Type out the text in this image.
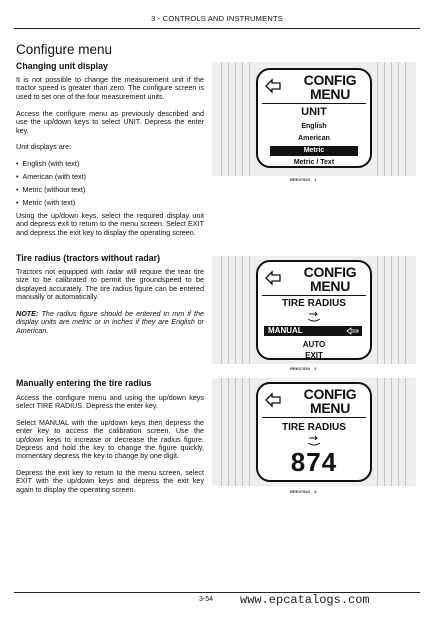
3 - CONTROLS AND INSTRUMENTS
Configure menu
Changing unit display
It is not possible to change the measurement unit if the tractor speed is greater than zero. The configure screen is used to set one of the four measurement units.
Access the configure menu as previously described and use the up/down keys to select UNIT. Depress the enter key.
Unit displays are:
•  English (with text)
•  American (with text)
•  Metric (without text)
•  Metric (with text)
Using the up/down keys, select the required display unit and depress exit to return to the menu screen. Select EXIT and depress the exit key to display the operating screen.
Tire radius (tractors without radar)
Tractors not equipped with radar will require the rear tire size to be calibrated to permit the groundspeed to be displayed accurately. The tire radius figure can be entered manually or automatically.
NOTE: The radius figure should be entered in mm if the display units are metric or in inches if they are English or American.
Manually entering the tire radius
Access the configure menu and using the up/down keys select TIRE RADIUS. Depress the enter key.
Select MANUAL with the up/down keys then depress the enter key to access the calibration screen. Use the up/down keys to increase or decrease the radius figure. Depress and hold the key to change the figure quickly, momentary depress the key to change by one digit.
Depress the exit key to return to the menu screen, select EXIT with the up/down keys and depress the exit key again to display the operating screen.
CONFIG
MENU
UNIT
English
American
Metric
Metric / Text
BRK07820 1
CONFIG
MENU
TIRE RADIUS
MANUAL
AUTO
EXIT
BRK07830 2
CONFIG
MENU
TIRE RADIUS
874
BRK07840 3
3-54 www.epcatalogs.com
